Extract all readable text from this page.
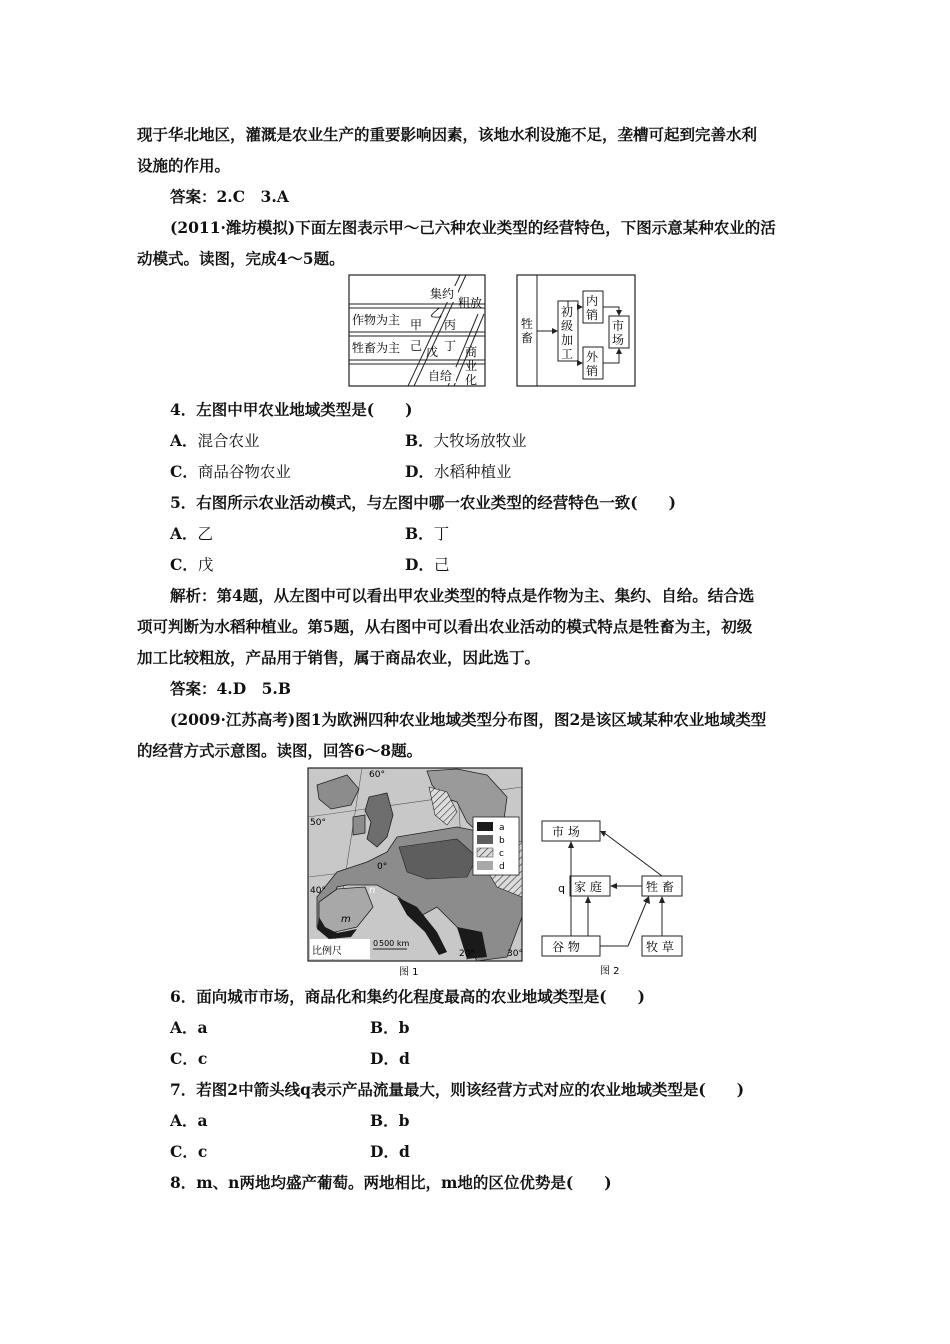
现于华北地区，灌溉是农业生产的重要影响因素，该地水利设施不足，垄槽可起到完善水利
设施的作用。
答案：2.C　3.A
(2011·潍坊模拟)下面左图表示甲～己六种农业类型的经营特色，下图示意某种农业的活
动模式。读图，完成4～5题。
集约
粗放
作物为主
牲畜为主
乙
甲 丙
己 戊 丁
自给
商
业
化
牲
畜
初
级
加
工
内
销
外
销
市
场
4．左图中甲农业地域类型是(　　)
A．混合农业	B．大牧场放牧业
C．商品谷物农业	D．水稻种植业
5．右图所示农业活动模式，与左图中哪一农业类型的经营特色一致(　　)
A．乙	B．丁
C．戊	D．己
解析：第4题，从左图中可以看出甲农业类型的特点是作物为主、集约、自给。结合选
项可判断为水稻种植业。第5题，从右图中可以看出农业活动的模式特点是牲畜为主，初级
加工比较粗放，产品用于销售，属于商品农业，因此选丁。
答案：4.D　5.B
(2009·江苏高考)图1为欧洲四种农业地域类型分布图，图2是该区域某种农业地域类型
的经营方式示意图。读图，回答6～8题。
a
b
c
d
60°
50°
40°
0°
20°	30°
n
m
比例尺
0 500 km
图 1
市 场
家 庭	牲 畜
谷 物	牧 草
q
图 2
6．面向城市市场，商品化和集约化程度最高的农业地域类型是(　　)
A．a	B．b
C．c	D．d
7．若图2中箭头线q表示产品流量最大，则该经营方式对应的农业地域类型是(　　)
A．a	B．b
C．c	D．d
8．m、n两地均盛产葡萄。两地相比，m地的区位优势是(　　)
